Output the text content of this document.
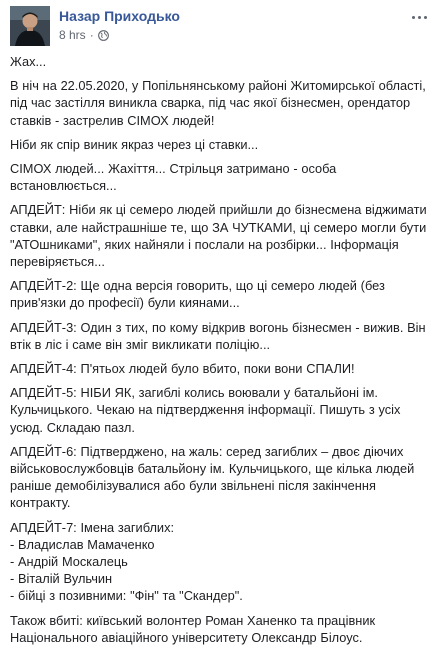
Назар Приходько
8 hrs ·

Жах...

В ніч на 22.05.2020, у Попільнянському районі Житомирської області, під час застілля виникла сварка, під час якої бізнесмен, орендатор ставків - застрелив СІМОХ людей!

Ніби як спір виник якраз через ці ставки...

СІМОХ людей... Жахіття... Стрільця затримано - особа встановлюється...

АПДЕЙТ: Ніби як ці семеро людей прийшли до бізнесмена віджимати ставки, але найстрашніше те, що ЗА ЧУТКАМИ, ці семеро могли бути "АТОшниками", яких найняли і послали на розбірки... Інформація перевіряється...

АПДЕЙТ-2: Ще одна версія говорить, що ці семеро людей (без прив'язки до професії) були киянами...

АПДЕЙТ-3: Один з тих, по кому відкрив вогонь бізнесмен - вижив. Він втік в ліс і саме він зміг викликати поліцію...

АПДЕЙТ-4: П'ятьох людей було вбито, поки вони СПАЛИ!

АПДЕЙТ-5: НІБИ ЯК, загиблі колись воювали у батальйоні ім. Кульчицького. Чекаю на підтвердження інформації. Пишуть з усіх усюд. Складаю пазл.

АПДЕЙТ-6: Підтверджено, на жаль: серед загиблих – двоє діючих військовослужбовців батальйону ім. Кульчицького, ще кілька людей раніше демобілізувалися або були звільнені після закінчення контракту.

АПДЕЙТ-7: Імена загиблих:

- Владислав Мамаченко

- Андрій Москалець

- Віталій Вульчин

- бійці з позивними: "Фін" та "Скандер".

Також вбиті: київський волонтер Роман Ханенко та працівник Національного авіаційного університету Олександр Білоус.
